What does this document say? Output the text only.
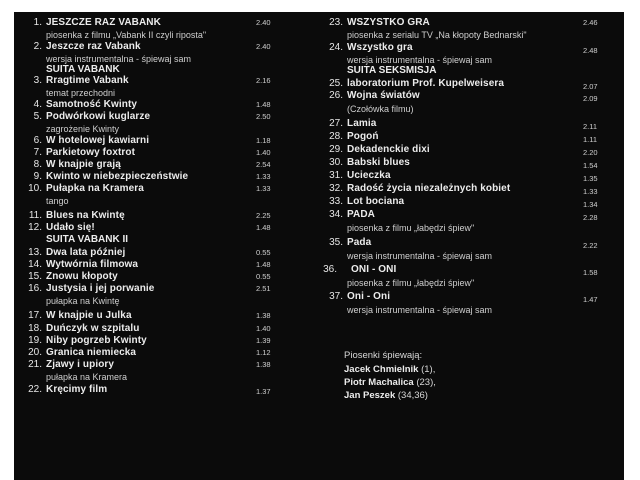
1. JESZCZE RAZ VABANK	2.40
piosenka z filmu „Vabank II czyli riposta"
2. Jeszcze raz Vabank	2.40
wersja instrumentalna - śpiewaj sam
SUITA VABANK
3. Rragtime Vabank	2.16
temat przechodni
4. Samotność Kwinty	1.48
5. Podwórkowi kuglarze	2.50
zagrożenie Kwinty
6. W hotelowej kawiarni	1.18
7. Parkietowy foxtrot	1.40
8. W knajpie grają	2.54
9. Kwinto w niebezpieczeństwie	1.33
10. Pułapka na Kramera	1.33
tango
11. Blues na Kwintę	2.25
12. Udało się!	1.48
SUITA VABANK II
13. Dwa lata później	0.55
14. Wytwórnia filmowa	1.48
15. Znowu kłopoty	0.55
16. Justysia i jej porwanie	2.51
pułapka na Kwintę
17. W knajpie u Julka	1.38
18. Duńczyk w szpitalu	1.40
19. Niby pogrzeb Kwinty	1.39
20. Granica niemiecka	1.12
21. Zjawy i upiory	1.38
pułapka na Kramera
22. Kręcimy film	1.37
23. WSZYSTKO GRA	2.46
piosenka z serialu TV „Na kłopoty Bednarski"
24. Wszystko gra	2.48
wersja instrumentalna - śpiewaj sam
SUITA SEKSMISJA
25. laboratorium Prof. Kupelweisera	2.07
26. Wojna światów	2.09
(Czołówka filmu)
27. Lamia	2.11
28. Pogoń	1.11
29. Dekadenckie dixi	2.20
30. Babski blues	1.54
31. Ucieczka	1.35
32. Radość życia niezależnych kobiet	1.33
33. Lot bociana	1.34
34. PADA	2.28
piosenka z filmu „łabędzi śpiew"
35. Pada	2.22
wersja instrumentalna - śpiewaj sam
36. ONI - ONI	1.58
piosenka z filmu „łabędzi śpiew"
37. Oni - Oni	1.47
wersja instrumentalna - śpiewaj sam
Piosenki śpiewają:
Jacek Chmielnik (1),
Piotr Machalica (23),
Jan Peszek (34,36)
